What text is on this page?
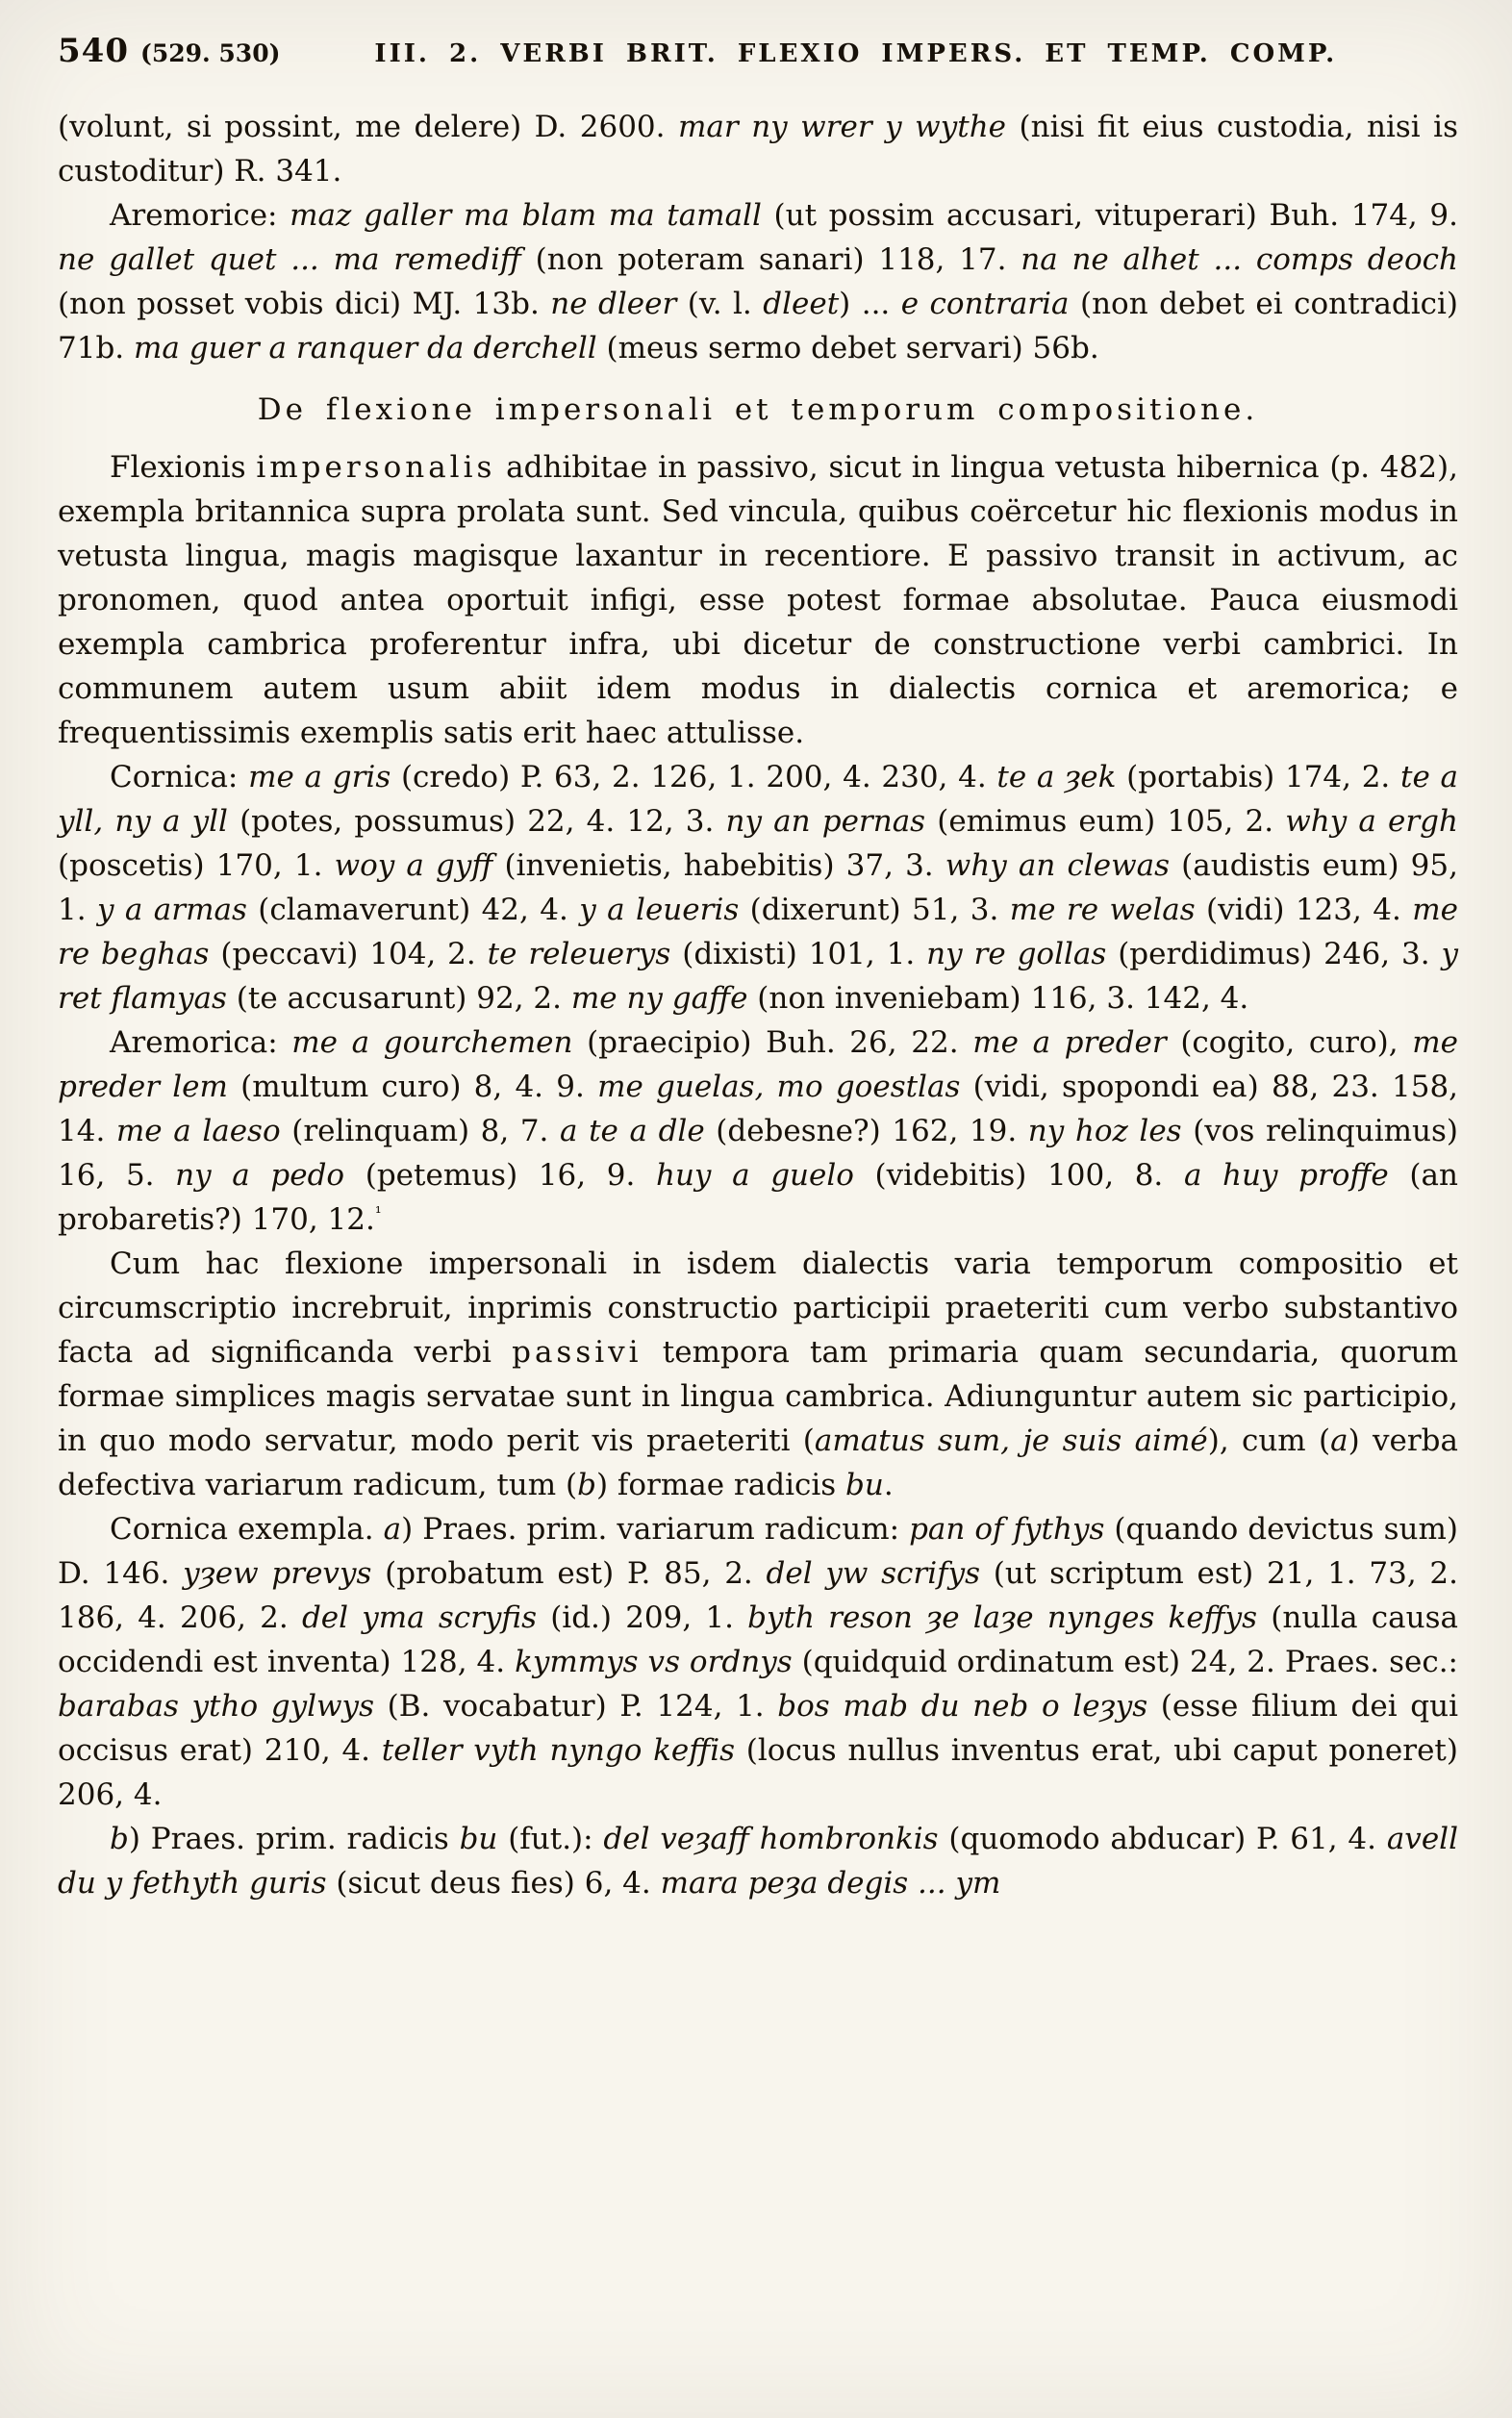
540 (529. 530)	III. 2. VERBI BRIT. FLEXIO IMPERS. ET TEMP. COMP.

(volunt, si possint, me delere) D. 2600. mar ny wrer y wythe (nisi fit eius custodia, nisi is custoditur) R. 341.

Aremorice: maz galler ma blam ma tamall (ut possim accusari, vituperari) Buh. 174, 9. ne gallet quet ... ma remediff (non poteram sanari) 118, 17. na ne alhet ... comps deoch (non posset vobis dici) MJ. 13b. ne dleer (v. l. dleet) ... e contraria (non debet ei contradici) 71b. ma guer a ranquer da derchell (meus sermo debet servari) 56b.

De flexione impersonali et temporum compositione.

Flexionis impersonalis adhibitae in passivo, sicut in lingua vetusta hibernica (p. 482), exempla britannica supra prolata sunt. Sed vincula, quibus coërcetur hic flexionis modus in vetusta lingua, magis magisque laxantur in recentiore. E passivo transit in activum, ac pronomen, quod antea oportuit infigi, esse potest formae absolutae. Pauca eiusmodi exempla cambrica proferentur infra, ubi dicetur de constructione verbi cambrici. In communem autem usum abiit idem modus in dialectis cornica et aremorica; e frequentissimis exemplis satis erit haec attulisse.

Cornica: me a gris (credo) P. 63, 2. 126, 1. 200, 4. 230, 4. te a ȝek (portabis) 174, 2. te a yll, ny a yll (potes, possumus) 22, 4. 12, 3. ny an pernas (emimus eum) 105, 2. why a ergh (poscetis) 170, 1. woy a gyff (invenietis, habebitis) 37, 3. why an clewas (audistis eum) 95, 1. y a armas (clamaverunt) 42, 4. y a leueris (dixerunt) 51, 3. me re welas (vidi) 123, 4. me re beghas (peccavi) 104, 2. te releuerys (dixisti) 101, 1. ny re gollas (perdidimus) 246, 3. y ret flamyas (te accusarunt) 92, 2. me ny gaffe (non inveniebam) 116, 3. 142, 4.

Aremorica: me a gourchemen (praecipio) Buh. 26, 22. me a preder (cogito, curo), me preder lem (multum curo) 8, 4. 9. me guelas, mo goestlas (vidi, spopondi ea) 88, 23. 158, 14. me a laeso (relinquam) 8, 7. a te a dle (debesne?) 162, 19. ny hoz les (vos relinquimus) 16, 5. ny a pedo (petemus) 16, 9. huy a guelo (videbitis) 100, 8. a huy proffe (an probaretis?) 170, 12.$^{^1}$

Cum hac flexione impersonali in isdem dialectis varia temporum compositio et circumscriptio increbruit, inprimis constructio participii praeteriti cum verbo substantivo facta ad significanda verbi passivi tempora tam primaria quam secundaria, quorum formae simplices magis servatae sunt in lingua cambrica. Adiunguntur autem sic participio, in quo modo servatur, modo perit vis praeteriti (amatus sum, je suis aimé), cum (a) verba defectiva variarum radicum, tum (b) formae radicis bu.

Cornica exempla. a) Praes. prim. variarum radicum: pan of fythys (quando devictus sum) D. 146. yȝew prevys (probatum est) P. 85, 2. del yw scrifys (ut scriptum est) 21, 1. 73, 2. 186, 4. 206, 2. del yma scryfis (id.) 209, 1. byth reson ȝe laȝe nynges keffys (nulla causa occidendi est inventa) 128, 4. kymmys vs ordnys (quidquid ordinatum est) 24, 2. Praes. sec.: barabas ytho gylwys (B. vocabatur) P. 124, 1. bos mab du neb o leȝys (esse filium dei qui occisus erat) 210, 4. teller vyth nyngo keffis (locus nullus inventus erat, ubi caput poneret) 206, 4.

b) Praes. prim. radicis bu (fut.): del veȝaff hombronkis (quomodo abducar) P. 61, 4. avell du y fethyth guris (sicut deus fies) 6, 4. mara peȝa degis ... ym
